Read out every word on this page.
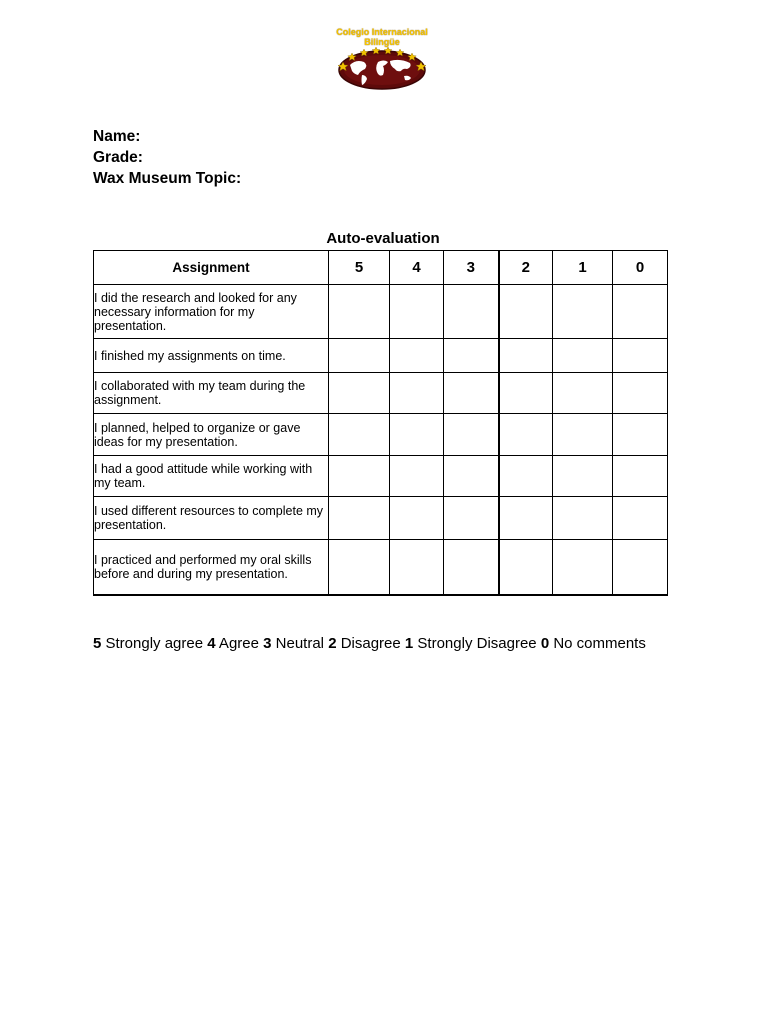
Colegio Internacional
Bilingüe
Name:
Grade:
Wax Museum Topic:
Auto-evaluation
Assignment	5	4	3	2	1	0
I did the research and looked for any necessary information for my presentation.						
I finished my assignments on time.						
I collaborated with my team during the assignment.						
I planned, helped to organize or gave ideas for my presentation.						
I had a good attitude while working with my team.						
I used different resources to complete my presentation.						
I practiced and performed my oral skills before and during my presentation.						
5 Strongly agree 4 Agree 3 Neutral 2 Disagree 1 Strongly Disagree 0 No comments
